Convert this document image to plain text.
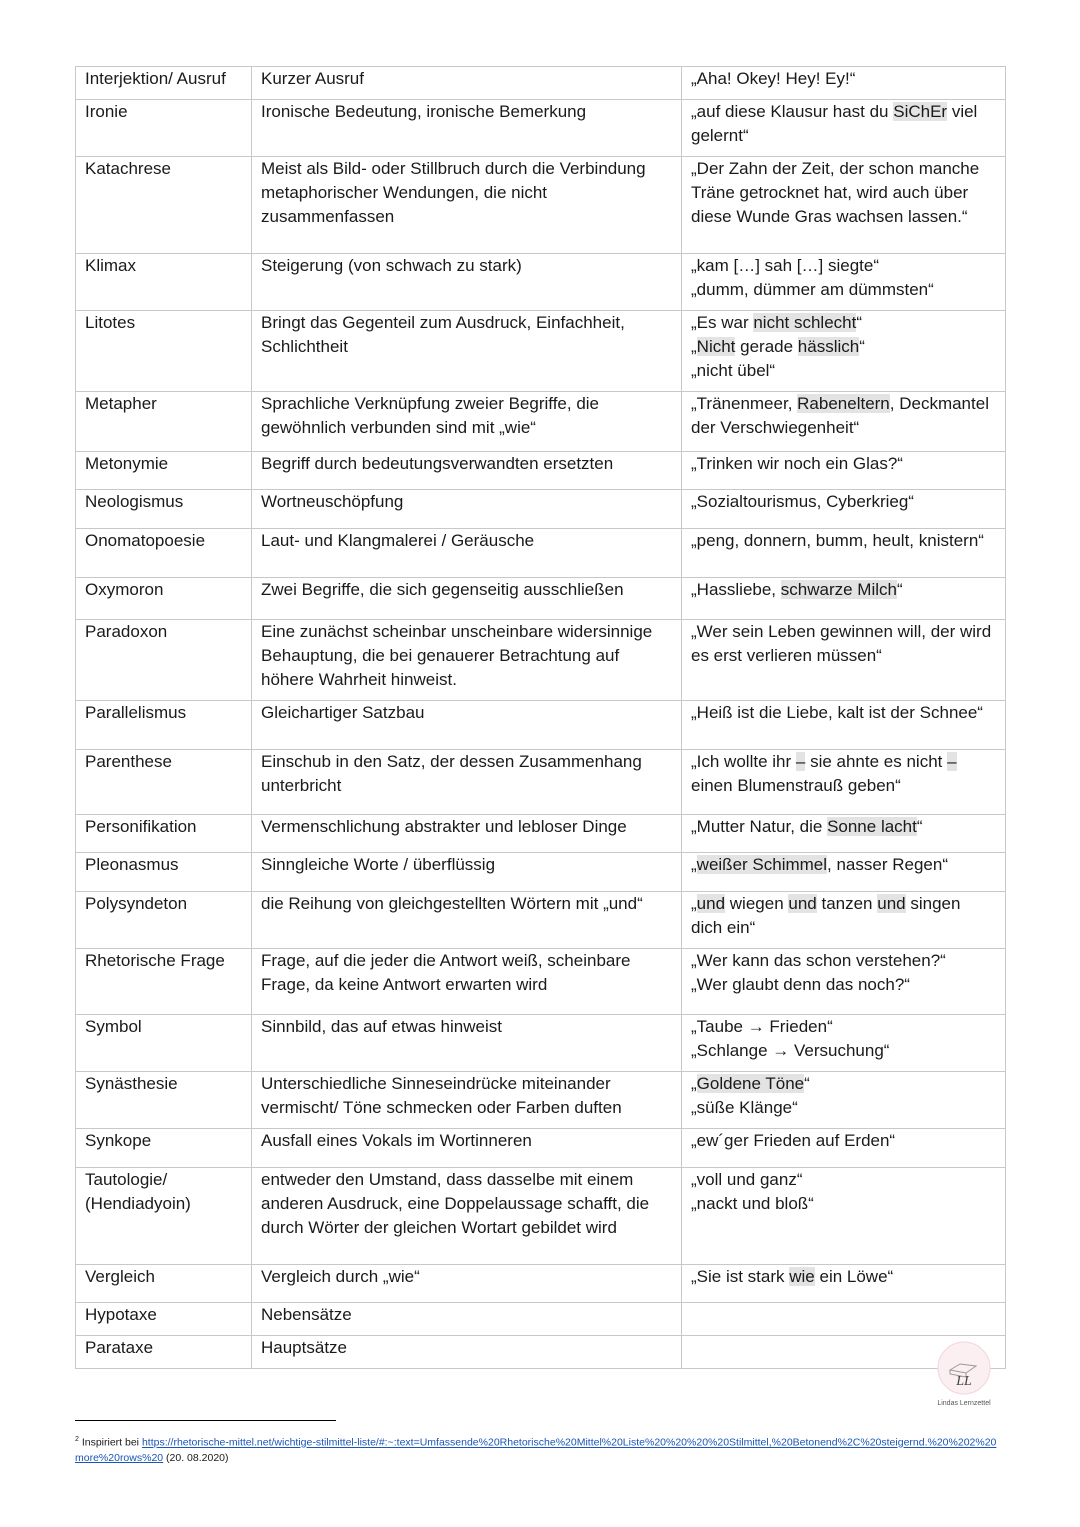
Interjektion/ Ausruf	Kurzer Ausruf	„Aha! Okey! Hey! Ey!“
Ironie	Ironische Bedeutung, ironische Bemerkung	„auf diese Klausur hast du SiChEr viel gelernt“
Katachrese	Meist als Bild- oder Stillbruch durch die Verbindung metaphorischer Wendungen, die nicht zusammenfassen	„Der Zahn der Zeit, der schon manche Träne getrocknet hat, wird auch über diese Wunde Gras wachsen lassen.“
Klimax	Steigerung (von schwach zu stark)	„kam […] sah […] siegte“
„dumm, dümmer am dümmsten“
Litotes	Bringt das Gegenteil zum Ausdruck, Einfachheit, Schlichtheit	„Es war nicht schlecht“
„Nicht gerade hässlich“
„nicht übel“
Metapher	Sprachliche Verknüpfung zweier Begriffe, die gewöhnlich verbunden sind mit „wie“	„Tränenmeer, Rabeneltern, Deckmantel der Verschwiegenheit“
Metonymie	Begriff durch bedeutungsverwandten ersetzten	„Trinken wir noch ein Glas?“
Neologismus	Wortneuschöpfung	„Sozialtourismus, Cyberkrieg“
Onomatopoesie	Laut- und Klangmalerei / Geräusche	„peng, donnern, bumm, heult, knistern“
Oxymoron	Zwei Begriffe, die sich gegenseitig ausschließen	„Hassliebe, schwarze Milch“
Paradoxon	Eine zunächst scheinbar unscheinbare widersinnige Behauptung, die bei genauerer Betrachtung auf höhere Wahrheit hinweist.	„Wer sein Leben gewinnen will, der wird es erst verlieren müssen“
Parallelismus	Gleichartiger Satzbau	„Heiß ist die Liebe, kalt ist der Schnee“
Parenthese	Einschub in den Satz, der dessen Zusammenhang unterbricht	„Ich wollte ihr – sie ahnte es nicht – einen Blumenstrauß geben“
Personifikation	Vermenschlichung abstrakter und lebloser Dinge	„Mutter Natur, die Sonne lacht“
Pleonasmus	Sinngleiche Worte / überflüssig	„weißer Schimmel, nasser Regen“
Polysyndeton	die Reihung von gleichgestellten Wörtern mit „und“	„und wiegen und tanzen und singen dich ein“
Rhetorische Frage	Frage, auf die jeder die Antwort weiß, scheinbare Frage, da keine Antwort erwarten wird	„Wer kann das schon verstehen?“
„Wer glaubt denn das noch?“
Symbol	Sinnbild, das auf etwas hinweist	„Taube → Frieden“
„Schlange → Versuchung“
Synästhesie	Unterschiedliche Sinneseindrücke miteinander vermischt/ Töne schmecken oder Farben duften	„Goldene Töne“
„süße Klänge“
Synkope	Ausfall eines Vokals im Wortinneren	„ew´ger Frieden auf Erden“
Tautologie/ (Hendiadyoin)	entweder den Umstand, dass dasselbe mit einem anderen Ausdruck, eine Doppelaussage schafft, die durch Wörter der gleichen Wortart gebildet wird	„voll und ganz“
„nackt und bloß“
Vergleich	Vergleich durch „wie“	„Sie ist stark wie ein Löwe“
Hypotaxe	Nebensätze	
Parataxe	Hauptsätze	
LL
Lindas Lernzettel
$^2$ Inspiriert bei https://rhetorische-mittel.net/wichtige-stilmittel-liste/#:~:text=Umfassende%20Rhetorische%20Mittel%20Liste%20%20%20%20Stilmittel,%20Betonend%2C%20steigernd.%20%202%20more%20rows%20 (20. 08.2020)
